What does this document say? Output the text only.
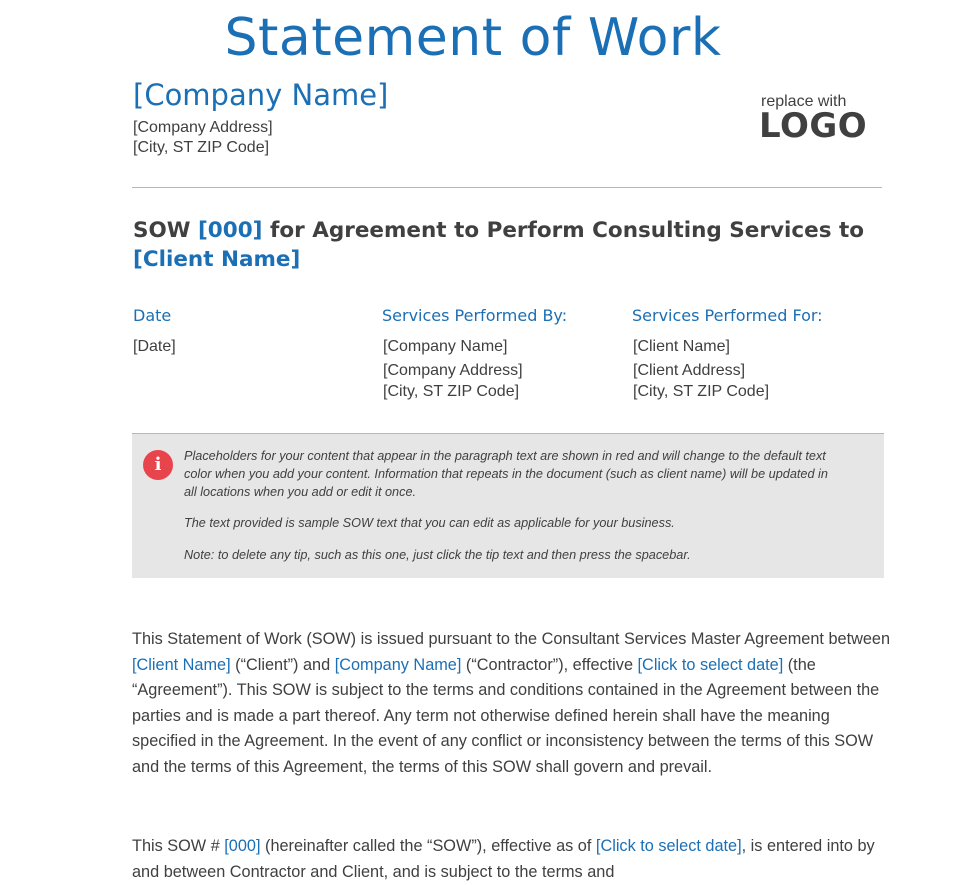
Statement of Work
[Company Name]
[Company Address]
[City, ST ZIP Code]
replace with
LOGO
SOW [000] for Agreement to Perform Consulting Services to [Client Name]
Date
[Date]
Services Performed By:
[Company Name]
[Company Address]
[City, ST ZIP Code]
Services Performed For:
[Client Name]
[Client Address]
[City, ST ZIP Code]
i	Placeholders for your content that appear in the paragraph text are shown in red and will change to the default text color when you add your content. Information that repeats in the document (such as client name) will be updated in all locations when you add or edit it once.

The text provided is sample SOW text that you can edit as applicable for your business.

Note: to delete any tip, such as this one, just click the tip text and then press the spacebar.

This Statement of Work (SOW) is issued pursuant to the Consultant Services Master Agreement between [Client Name] (“Client”) and [Company Name] (“Contractor”), effective [Click to select date] (the “Agreement”). This SOW is subject to the terms and conditions contained in the Agreement between the parties and is made a part thereof. Any term not otherwise defined herein shall have the meaning specified in the Agreement. In the event of any conflict or inconsistency between the terms of this SOW and the terms of this Agreement, the terms of this SOW shall govern and prevail.

This SOW # [000] (hereinafter called the “SOW”), effective as of [Click to select date], is entered into by and between Contractor and Client, and is subject to the terms and
